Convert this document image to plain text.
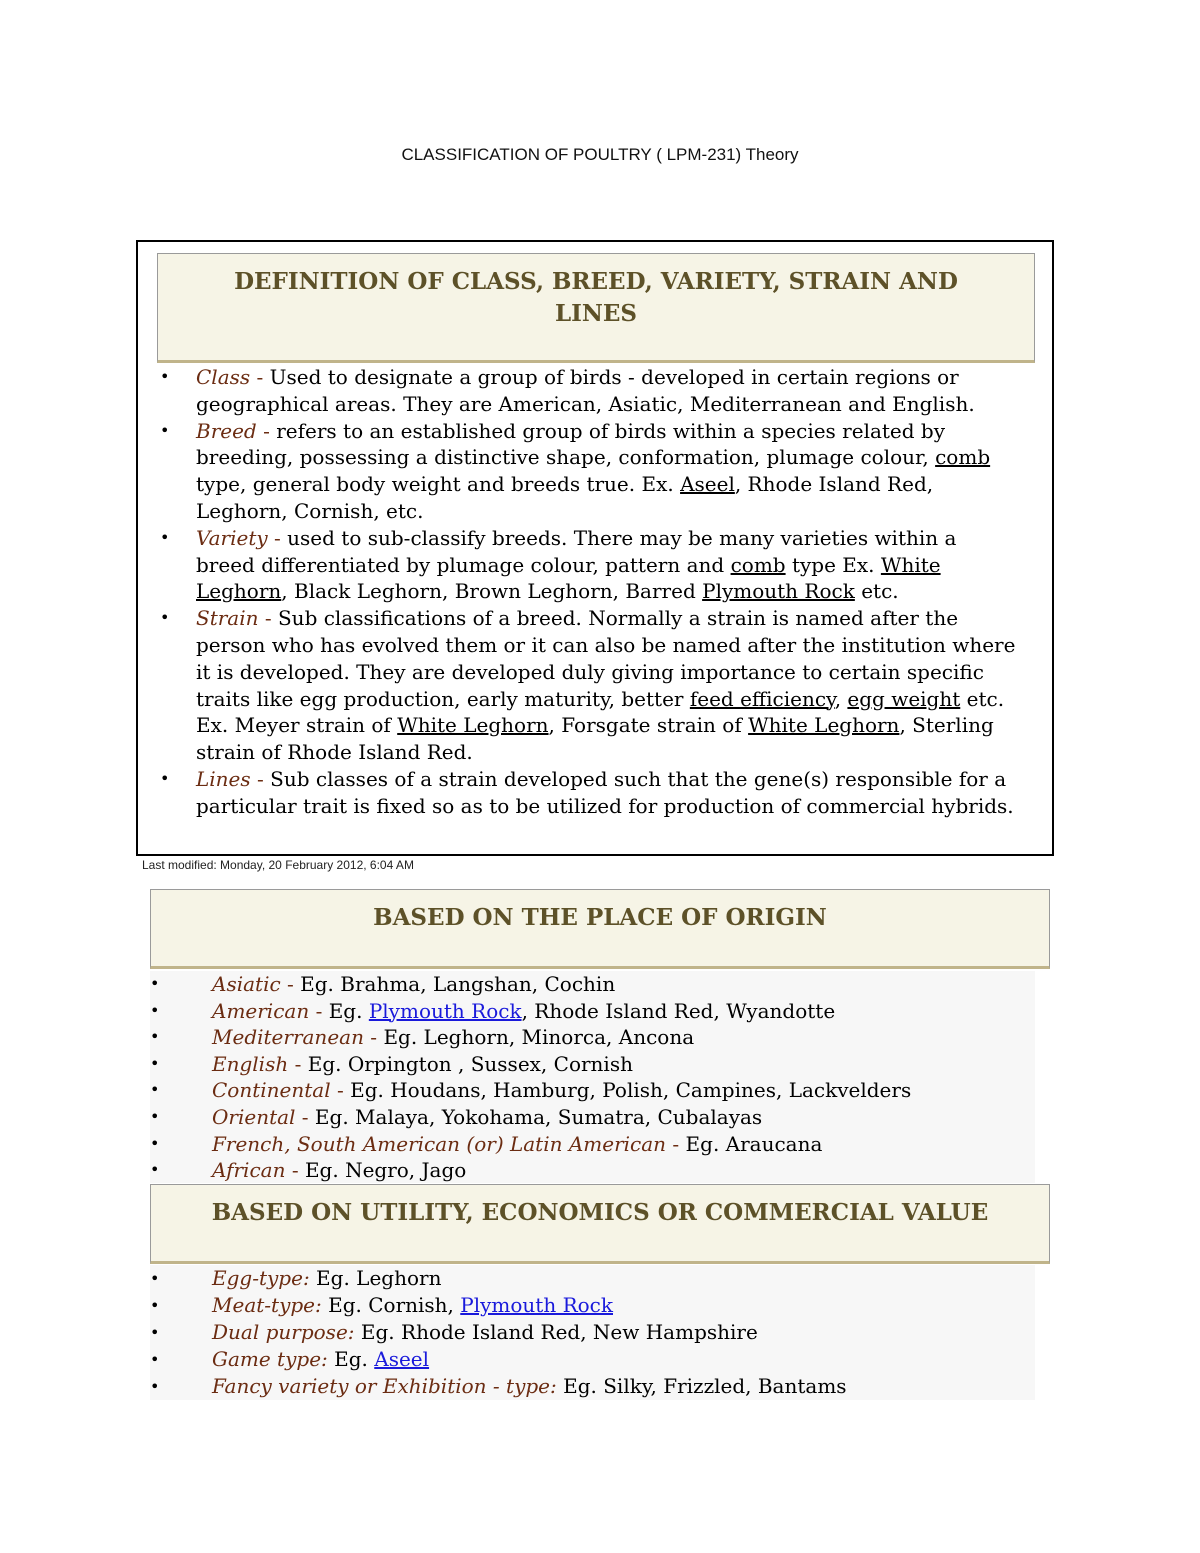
CLASSIFICATION OF POULTRY ( LPM-231) Theory
DEFINITION OF CLASS, BREED, VARIETY, STRAIN AND LINES
• Class - Used to designate a group of birds - developed in certain regions or geographical areas. They are American, Asiatic, Mediterranean and English.
• Breed - refers to an established group of birds within a species related by breeding, possessing a distinctive shape, conformation, plumage colour, comb type, general body weight and breeds true. Ex. Aseel, Rhode Island Red, Leghorn, Cornish, etc.
• Variety - used to sub-classify breeds. There may be many varieties within a breed differentiated by plumage colour, pattern and comb type Ex. White Leghorn, Black Leghorn, Brown Leghorn, Barred Plymouth Rock etc.
• Strain - Sub classifications of a breed. Normally a strain is named after the person who has evolved them or it can also be named after the institution where it is developed. They are developed duly giving importance to certain specific traits like egg production, early maturity, better feed efficiency, egg weight etc. Ex. Meyer strain of White Leghorn, Forsgate strain of White Leghorn, Sterling strain of Rhode Island Red.
• Lines - Sub classes of a strain developed such that the gene(s) responsible for a particular trait is fixed so as to be utilized for production of commercial hybrids.
Last modified: Monday, 20 February 2012, 6:04 AM
BASED ON THE PLACE OF ORIGIN
•	Asiatic - Eg. Brahma, Langshan, Cochin
•	American - Eg. Plymouth Rock, Rhode Island Red, Wyandotte
•	Mediterranean - Eg. Leghorn, Minorca, Ancona
•	English - Eg. Orpington , Sussex, Cornish
•	Continental - Eg. Houdans, Hamburg, Polish, Campines, Lackvelders
•	Oriental - Eg. Malaya, Yokohama, Sumatra, Cubalayas
•	French, South American (or) Latin American - Eg. Araucana
•	African - Eg. Negro, Jago
BASED ON UTILITY, ECONOMICS OR COMMERCIAL VALUE
•	Egg-type: Eg. Leghorn
•	Meat-type: Eg. Cornish, Plymouth Rock
•	Dual purpose: Eg. Rhode Island Red, New Hampshire
•	Game type: Eg. Aseel
•	Fancy variety or Exhibition - type: Eg. Silky, Frizzled, Bantams
